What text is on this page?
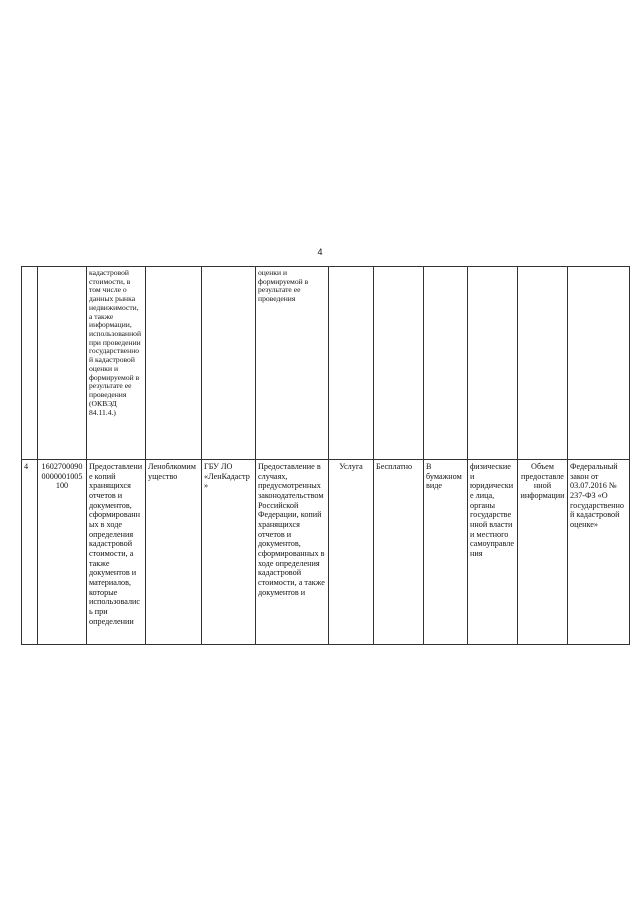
4
		кадастровой стоимости, в том числе о данных рынка недвижимости, а также информации, использованной при проведении государственной кадастровой оценки и формируемой в результате ее проведения (ОКВЭД 84.11.4.)			оценки и формируемой в результате ее проведения						
4	16027000900000001005100	Предоставление копий хранящихся отчетов и документов, сформированных в ходе определения кадастровой стоимости, а также документов и материалов, которые использовались при определении	Леноблкомимущество	ГБУ ЛО «ЛенКадастр»	Предоставление в случаях, предусмотренных законодательством Российской Федерации, копий хранящихся отчетов и документов, сформированных в ходе определения кадастровой стоимости, а также документов и	Услуга	Бесплатно	В бумажном виде	физические и юридические лица, органы государственной власти и местного самоуправления	Объем предоставленной информации	Федеральный закон от 03.07.2016 № 237-ФЗ «О государственной кадастровой оценке»
